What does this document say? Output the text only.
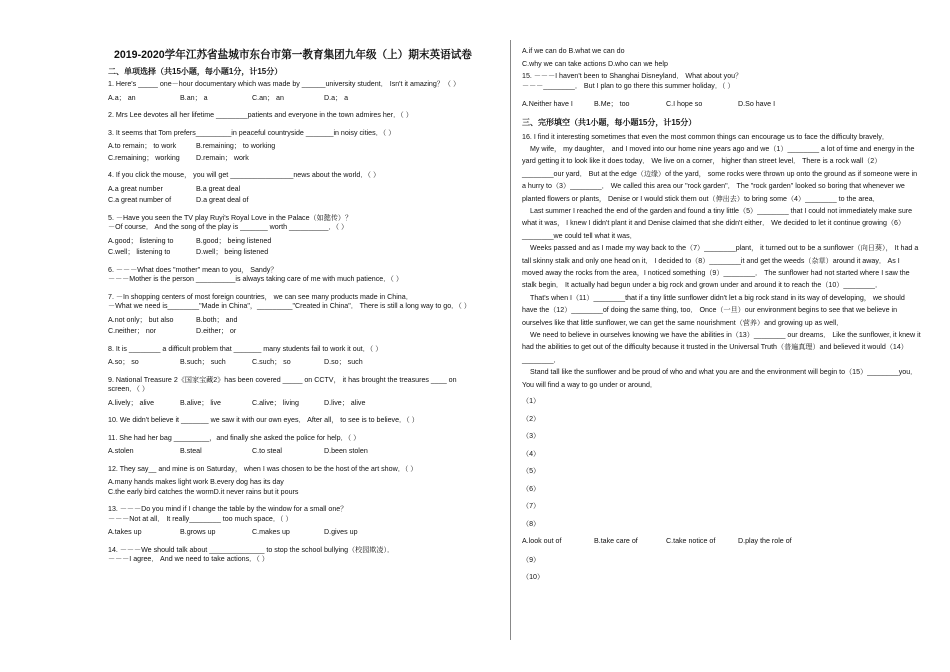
2019-2020学年江苏省盐城市东台市第一教育集团九年级（上）期末英语试卷
二、单项选择（共15小题，每小题1分，计15分）
1. Here's _____ one－hour documentary which was made by ______university student． Isn't it amazing？（ ）
A.a； an	B.an； a	C.an； an	D.a； a
2. Mrs Lee devotes all her lifetime ________patients and everyone in the town admires her．（ ）
3. It seems that Tom prefers_________in peaceful countryside _______in noisy cities．（ ）
A.to remain； to work	B.remaining； to working
C.remaining； working	D.remain； work
4. If you click the mouse， you will get ________________news about the world．（ ）
A.a great number	B.a great deal
C.a great number of	D.a great deal of
5. －Have you seen the TV play Ruyi's Royal Love in the Palace（如懿传）？
－Of course． And the song of the play is _______ worth __________．（ ）
A.good； listening to	B.good； being listened
C.well； listening to	D.well； being listened
6. －－－What does "mother" mean to you， Sandy？
－－－Mother is the person __________is always taking care of me with much patience．（ ）
7. －In shopping centers of most foreign countries， we can see many products made in China．
－What we need is________"Made in China"，_________"Created in China"． There is still a long way to go．（ ）
A.not only； but also	B.both； and
C.neither； nor	D.either； or
8. It is ________ a difficult problem that _______ many students fail to work it out．（ ）
A.so； so	B.such； such	C.such； so	D.so； such
9. National Treasure 2《国家宝藏2》has been covered _____ on CCTV， it has brought the treasures ____ on
screen．（ ）
A.lively； alive	B.alive； live	C.alive； living	D.live； alive
10. We didn't believe it _______ we saw it with our own eyes． After all， to see is to believe．（ ）
11. She had her bag _________，and finally she asked the police for help．（ ）
A.stolen	B.steal	C.to steal	D.been stolen
12. They say__ and mine is on Saturday， when I was chosen to be the host of the art show．（ ）
A.many hands makes light work B.every dog has its day
C.the early bird catches the wormD.it never rains but it pours
13. －－－Do you mind if I change the table by the window for a small one？
－－－Not at all． It really________ too much space．（ ）
A.takes up	B.grows up	C.makes up	D.gives up
14. －－－We should talk about ______________ to stop the school bullying（校园欺凌）．
－－－I agree． And we need to take actions．（ ）
A.if we can do B.what we can do
C.why we can take actions D.who can we help
15. －－－I haven't been to Shanghai Disneyland． What about you？
－－－________． But I plan to go there this summer holiday．（ ）
A.Neither have I	B.Me； too	C.I hope so	D.So have I
三、完形填空（共1小题，每小题15分，计15分）

16. I find it interesting sometimes that even the most common things can encourage us to face the difficulty bravely．

My wife， my daughter， and I moved into our home nine years ago and we（1）________ a lot of time and energy in the yard getting it to look like it does today． We live on a corner， higher than street level． There is a rock wall（2）________our yard． But at the edge（边缘）of the yard， some rocks were thrown up onto the ground as if someone were in a hurry to（3）________． We called this area our "rock garden"． The "rock garden" looked so boring that whenever we planted flowers or plants， Denise or I would stick them out（伸出去）to bring some（4）________ to the area．

Last summer I reached the end of the garden and found a tiny little（5）________ that I could not immediately make sure what it was， I knew I didn't plant it and Denise claimed that she didn't either． We decided to let it continue growing（6）________we could tell what it was．

Weeks passed and as I made my way back to the（7）________plant， it turned out to be a sunflower（向日葵）， It had a tall skinny stalk and only one head on it． I decided to（8）________it and get the weeds（杂草）around it away． As I moved away the rocks from the area，I noticed something（9）________． The sunflower had not started where I saw the stalk begin． It actually had begun under a big rock and grown under and around it to reach the（10）________．

That's when I（11）________that if a tiny little sunflower didn't let a big rock stand in its way of developing， we should have the（12）________of doing the same thing, too． Once（一旦）our environment begins to see that we believe in ourselves like that little sunflower, we can get the same nourishment（营养）and growing up as well．

We need to believe in ourselves knowing we have the abilities in（13）________ our dreams． Like the sunflower, it knew it had the abilities to get out of the difficulty because it trusted in the Universal Truth（普遍真理）and believed it would（14）________．

Stand tall like the sunflower and be proud of who and what you are and the environment will begin to（15）________you． You will find a way to go under or around．

（1）
（2）
（3）
（4）
（5）
（6）
（7）
（8）
A.look out of	B.take care of	C.take notice of	D.play the role of
（9）
（10）
